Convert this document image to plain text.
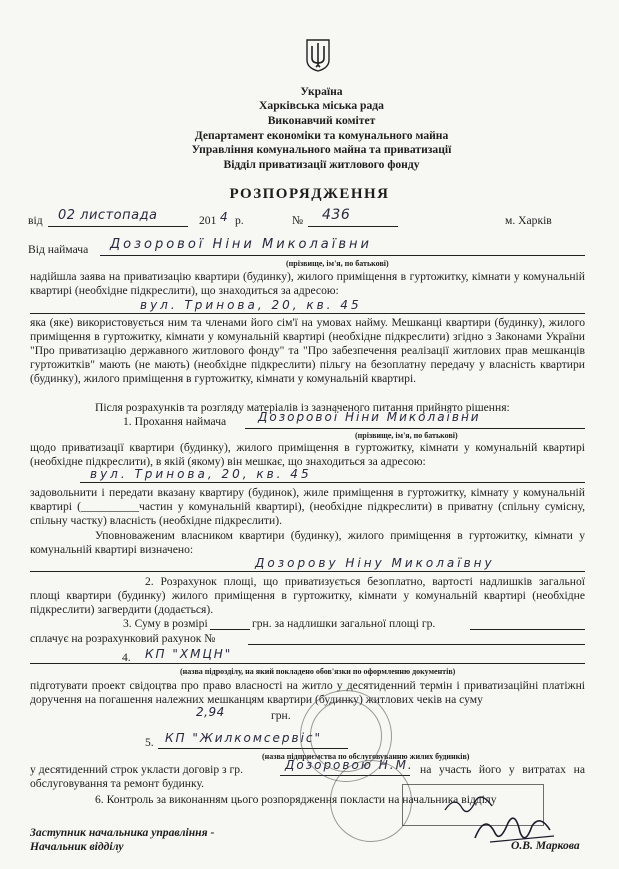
Україна
Харківська міська рада
Виконавчий комітет
Департамент економіки та комунального майна
Управління комунального майна та приватизації
Відділ приватизації житлового фонду
РОЗПОРЯДЖЕННЯ
від 02 листопада	201 4 р.	№ 436	м. Харків
Від наймача Дозорової Ніни Миколаївни
(прізвище, ім'я, по батькові)
надійшла заява на приватизацію квартири (будинку), жилого приміщення в гуртожитку, кімнати у комунальній квартирі (необхідне підкреслити), що знаходиться за адресою:
вул. Тринова, 20, кв. 45
яка (яке) використовується ним та членами його сім'ї на умовах найму. Мешканці квартири (будинку), жилого приміщення в гуртожитку, кімнати у комунальній квартирі (необхідне підкреслити) згідно з Законами України "Про приватизацію державного житлового фонду" та "Про забезпечення реалізації житлових прав мешканців гуртожитків" мають (не мають) (необхідне підкреслити) пільгу на безоплатну передачу у власність квартири (будинку), жилого приміщення в гуртожитку, кімнати у комунальній квартирі.
Після розрахунків та розгляду матеріалів із зазначеного питання прийнято рішення:
1. Прохання наймача	Дозорової Ніни Миколаївни
(прізвище, ім'я, по батькові)
щодо приватизації квартири (будинку), жилого приміщення в гуртожитку, кімнати у комунальній квартирі (необхідне підкреслити), в якій (якому) він мешкає, що знаходиться за адресою:
вул. Тринова, 20, кв. 45
задовольнити і передати вказану квартиру (будинок), жиле приміщення в гуртожитку, кімнату у комунальній квартирі (__________частин у комунальній квартирі), (необхідне підкреслити) в приватну (спільну сумісну, спільну частку) власність (необхідне підкреслити).
Уповноваженим власником квартири (будинку), жилого приміщення в гуртожитку, кімнати у комунальній квартирі визначено:
Дозорову Ніну Миколаївну
2. Розрахунок площі, що приватизується безоплатно, вартості надлишків загальної площі квартири (будинку) жилого приміщення в гуртожитку, кімнати у комунальній квартирі (необхідне підкреслити) загвердити (додається).
3. Суму в розмірі	грн. за надлишки загальної площі гр.
сплачує на розрахунковий рахунок №
4. КП "ХМЦН"
(назва підрозділу, на який покладено обов'язки по оформленню документів)
підготувати проект свідоцтва про право власності на житло у десятиденний термін і приватизаційні платіжні доручення на погашення належних мешканцям квартири (будинку) житлових чеків на суму
2,94	грн.
5. КП "Жилкомсервіс"
(назва підприємства по обслуговуванню жилих будинків)
у десятиденний строк укласти договір з гр.	Дозоровою Н.М. на участь його у витратах на обслуговування та ремонт будинку.
6. Контроль за виконанням цього розпорядження покласти на начальника відділу
Заступник начальника управління -
Начальник відділу	О.В. Маркова
